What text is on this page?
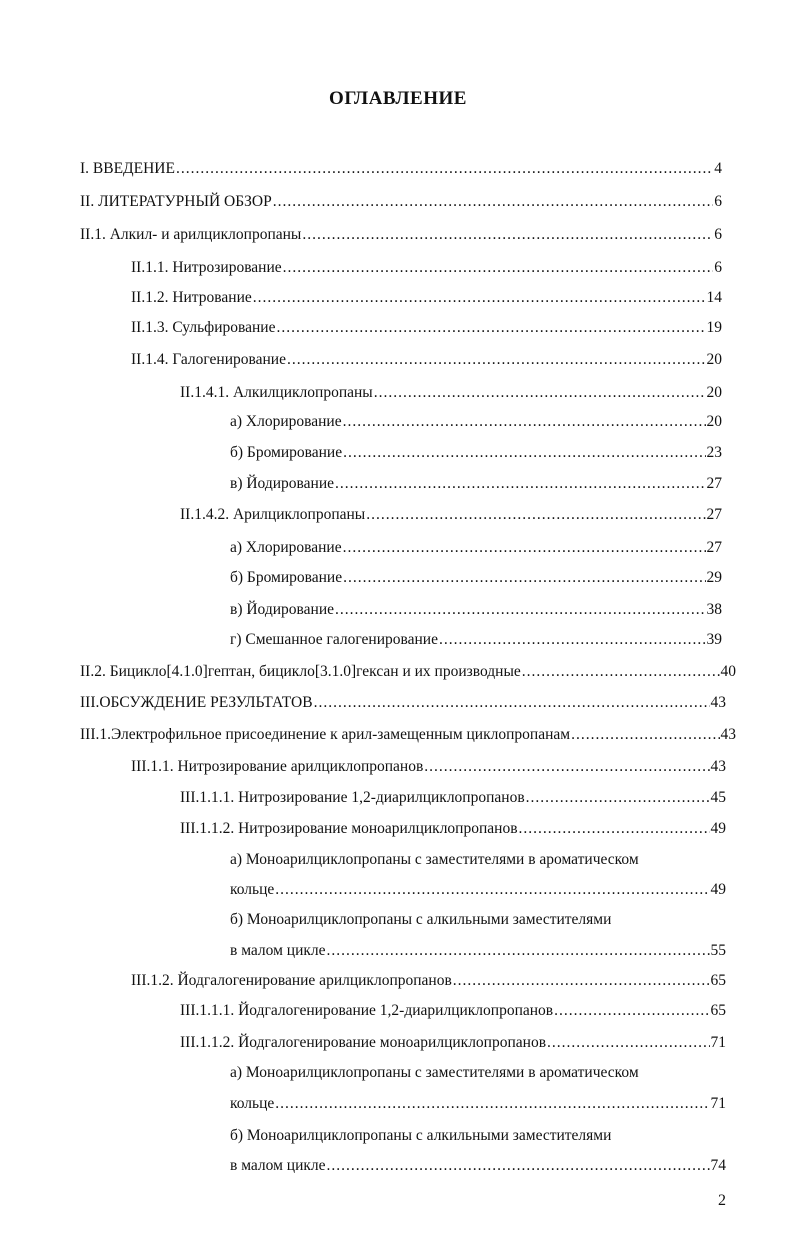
ОГЛАВЛЕНИЕ
I. ВВЕДЕНИЕ .....	4
II. ЛИТЕРАТУРНЫЙ ОБЗОР .....	6
II.1. Алкил- и арилциклопропаны .....	6
II.1.1. Нитрозирование .....	6
II.1.2. Нитрование .....	14
II.1.3. Сульфирование .....	19
II.1.4. Галогенирование .....	20
II.1.4.1. Алкилциклопропаны .....	20
а) Хлорирование .....	20
б) Бромирование .....	23
в) Йодирование .....	27
II.1.4.2. Арилциклопропаны .....	27
а) Хлорирование .....	27
б) Бромирование .....	29
в) Йодирование .....	38
г) Смешанное галогенирование .....	39
II.2. Бицикло[4.1.0]гептан, бицикло[3.1.0]гексан и их производные .....	40
III.ОБСУЖДЕНИЕ РЕЗУЛЬТАТОВ .....	43
III.1.Электрофильное присоединение к арил-замещенным циклопропанам .....	43
III.1.1. Нитрозирование арилциклопропанов .....	43
III.1.1.1. Нитрозирование 1,2-диарилциклопропанов .....	45
III.1.1.2. Нитрозирование моноарилциклопропанов .....	49
а) Моноарилциклопропаны с заместителями в ароматическом
кольце .....	49
б) Моноарилциклопропаны с алкильными заместителями
в малом цикле .....	55
III.1.2. Йодгалогенирование арилциклопропанов .....	65
III.1.1.1. Йодгалогенирование 1,2-диарилциклопропанов .....	65
III.1.1.2. Йодгалогенирование моноарилциклопропанов .....	71
а) Моноарилциклопропаны с заместителями в ароматическом
кольце .....	71
б) Моноарилциклопропаны с алкильными заместителями
в малом цикле .....	74
2
